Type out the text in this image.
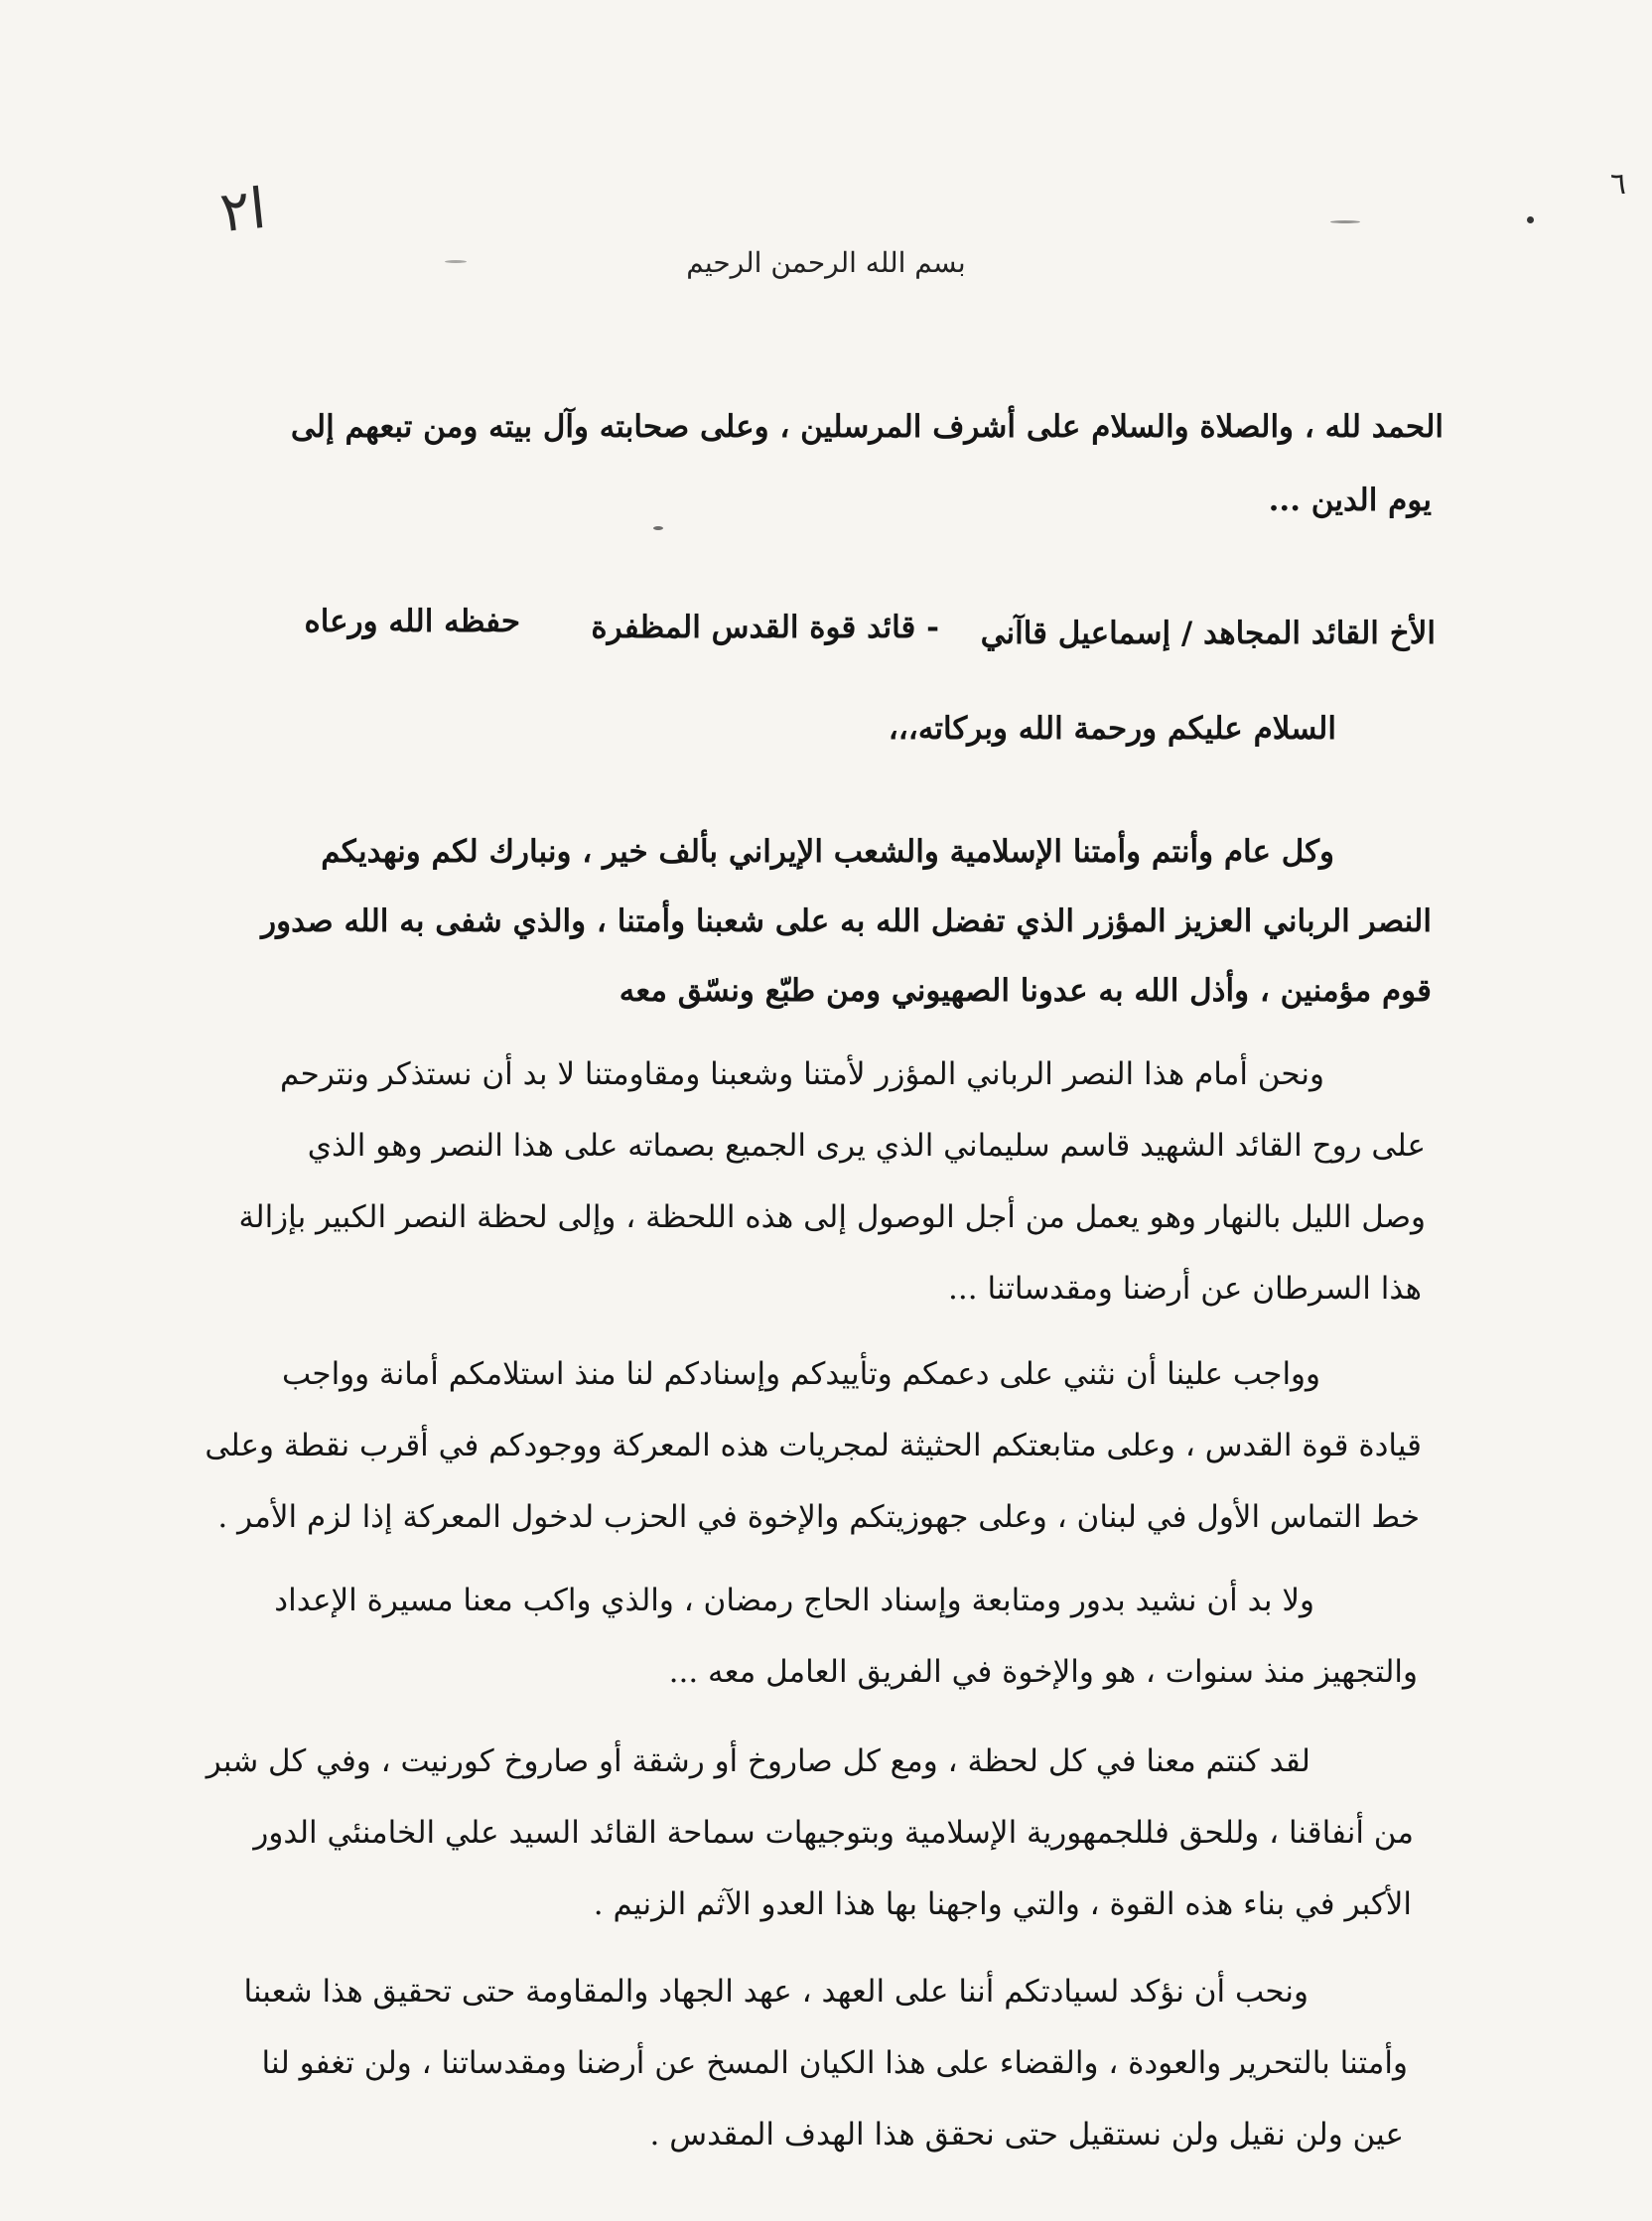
ﺍ۲	٦
بسم الله الرحمن الرحيم
الحمد لله ، والصلاة والسلام على أشرف المرسلين ، وعلى صحابته وآل بيته ومن تبعهم إلى
يوم الدين ...
الأخ القائد المجاهد / إسماعيل قاآني
- قائد قوة القدس المظفرة
حفظه الله ورعاه
السلام عليكم ورحمة الله وبركاته،،،
وكل عام وأنتم وأمتنا الإسلامية والشعب الإيراني بألف خير ، ونبارك لكم ونهديكم
النصر الرباني العزيز المؤزر الذي تفضل الله به على شعبنا وأمتنا ، والذي شفى به الله صدور
قوم مؤمنين ، وأذل الله به عدونا الصهيوني ومن طبّع ونسّق معه
ونحن أمام هذا النصر الرباني المؤزر لأمتنا وشعبنا ومقاومتنا لا بد أن نستذكر ونترحم
على روح القائد الشهيد قاسم سليماني الذي يرى الجميع بصماته على هذا النصر وهو الذي
وصل الليل بالنهار وهو يعمل من أجل الوصول إلى هذه اللحظة ، وإلى لحظة النصر الكبير بإزالة
هذا السرطان عن أرضنا ومقدساتنا ...
وواجب علينا أن نثني على دعمكم وتأييدكم وإسنادكم لنا منذ استلامكم أمانة وواجب
قيادة قوة القدس ، وعلى متابعتكم الحثيثة لمجريات هذه المعركة ووجودكم في أقرب نقطة وعلى
خط التماس الأول في لبنان ، وعلى جهوزيتكم والإخوة في الحزب لدخول المعركة إذا لزم الأمر .
ولا بد أن نشيد بدور ومتابعة وإسناد الحاج رمضان ، والذي واكب معنا مسيرة الإعداد
والتجهيز منذ سنوات ، هو والإخوة في الفريق العامل معه ...
لقد كنتم معنا في كل لحظة ، ومع كل صاروخ أو رشقة أو صاروخ كورنيت ، وفي كل شبر
من أنفاقنا ، وللحق فللجمهورية الإسلامية وبتوجيهات سماحة القائد السيد علي الخامنئي الدور
الأكبر في بناء هذه القوة ، والتي واجهنا بها هذا العدو الآثم الزنيم .
ونحب أن نؤكد لسيادتكم أننا على العهد ، عهد الجهاد والمقاومة حتى تحقيق هذا شعبنا
وأمتنا بالتحرير والعودة ، والقضاء على هذا الكيان المسخ عن أرضنا ومقدساتنا ، ولن تغفو لنا
عين ولن نقيل ولن نستقيل حتى نحقق هذا الهدف المقدس .
